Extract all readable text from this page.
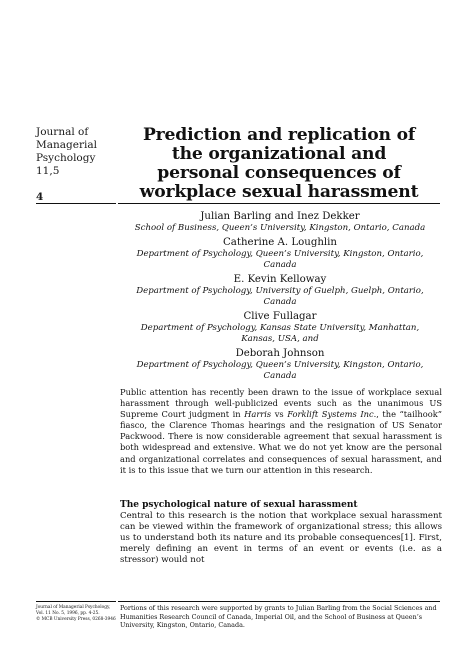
Journal of
Managerial
Psychology
11,5
4
Prediction and replication of
the organizational and
personal consequences of
workplace sexual harassment
Julian Barling and Inez Dekker
School of Business, Queen’s University, Kingston, Ontario, Canada
Catherine A. Loughlin
Department of Psychology, Queen’s University, Kingston, Ontario,
Canada
E. Kevin Kelloway
Department of Psychology, University of Guelph, Guelph, Ontario,
Canada
Clive Fullagar
Department of Psychology, Kansas State University, Manhattan,
Kansas, USA, and
Deborah Johnson
Department of Psychology, Queen’s University, Kingston, Ontario,
Canada

Public attention has recently been drawn to the issue of workplace sexual harassment through well-publicized events such as the unanimous US Supreme Court judgment in Harris vs Forklift Systems Inc., the “tailhook” fiasco, the Clarence Thomas hearings and the resignation of US Senator Packwood. There is now considerable agreement that sexual harassment is both widespread and extensive. What we do not yet know are the personal and organizational correlates and consequences of sexual harassment, and it is to this issue that we turn our attention in this research.

The psychological nature of sexual harassment

Central to this research is the notion that workplace sexual harassment can be viewed within the framework of organizational stress; this allows us to understand both its nature and its probable consequences[1]. First, merely defining an event in terms of an event or events (i.e. as a stressor) would not

Journal of Managerial Psychology,
Vol. 11 No. 5, 1996, pp. 4-25.
© MCB University Press, 0268-3946

Portions of this research were supported by grants to Julian Barling from the Social Sciences and Humanities Research Council of Canada, Imperial Oil, and the School of Business at Queen’s University, Kingston, Ontario, Canada.
